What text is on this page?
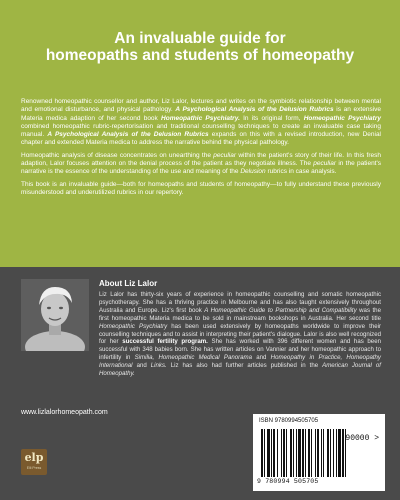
An invaluable guide for
homeopaths and students of homeopathy

Renowned homeopathic counsellor and author, Liz Lalor, lectures and writes on the symbiotic relationship between mental and emotional disturbance, and physical pathology. A Psychological Analysis of the Delusion Rubrics is an extensive Materia medica adaption of her second book Homeopathic Psychiatry. In its original form, Homeopathic Psychiatry combined homeopathic rubric-repertorisation and traditional counselling techniques to create an invaluable case taking manual. A Psychological Analysis of the Delusion Rubrics expands on this with a revised introduction, new Denial chapter and extended Materia medica to address the narrative behind the physical pathology.

Homeopathic analysis of disease concentrates on unearthing the peculiar within the patient's story of their life. In this fresh adaption, Lalor focuses attention on the denial process of the patient as they negotiate illness. The peculiar in the patient's narrative is the essence of the understanding of the use and meaning of the Delusion rubrics in case analysis.

This book is an invaluable guide—both for homeopaths and students of homeopathy—to fully understand these previously misunderstood and underutilized rubrics in our repertory.

About Liz Lalor
Liz Lalor has thirty-six years of experience in homeopathic counselling and somatic homeopathic psychotherapy. She has a thriving practice in Melbourne and has also taught extensively throughout Australia and Europe. Liz's first book A Homeopathic Guide to Partnership and Compatibility was the first homeopathic Materia medica to be sold in mainstream bookshops in Australia. Her second title Homeopathic Psychiatry has been used extensively by homeopaths worldwide to improve their counselling techniques and to assist in interpreting their patient's dialogue. Lalor is also well recognized for her successful fertility program. She has worked with 396 different women and has been successful with 348 babies born. She has written articles on Vannier and her homeopathic approach to infertility in Similia, Homeopathic Medical Panorama and Homeopathy in Practice, Homeopathy International and Links. Liz has also had further articles published in the American Journal of Homeopathy.
www.lizlalorhomeopath.com
elp
Elli Press
ISBN 9780994505705
90000 >
9 780994 505705
